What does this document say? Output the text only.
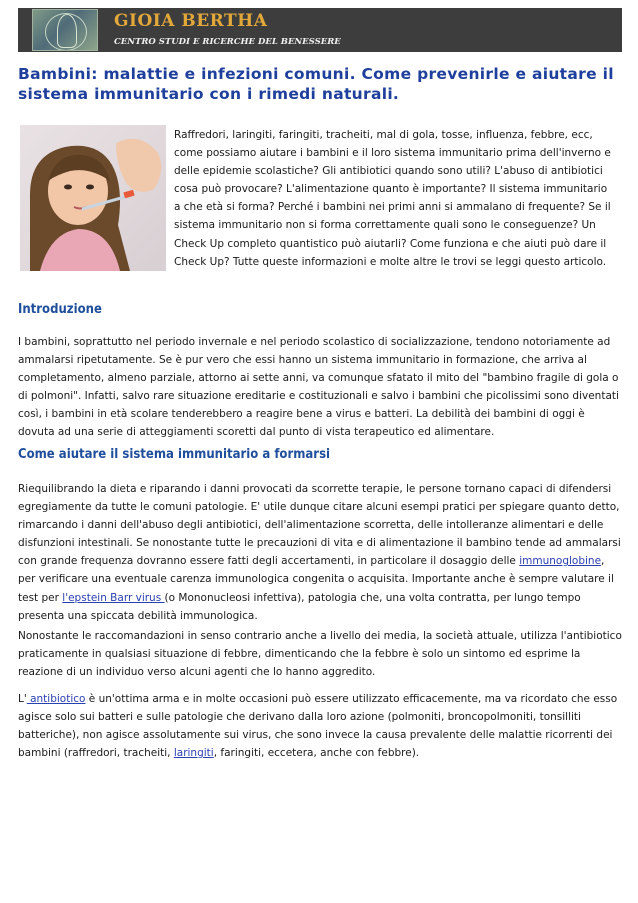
GIOIA BERTHA
CENTRO STUDI E RICERCHE DEL BENESSERE
Bambini: malattie e infezioni comuni. Come prevenirle e aiutare il sistema immunitario con i rimedi naturali.

Raffredori, laringiti, faringiti, tracheiti, mal di gola, tosse, influenza, febbre, ecc, come possiamo aiutare i bambini e il loro sistema immunitario prima dell'inverno e delle epidemie scolastiche? Gli antibiotici quando sono utili? L'abuso di antibiotici cosa può provocare? L'alimentazione quanto è importante? Il sistema immunitario a che età si forma? Perché i bambini nei primi anni si ammalano di frequente? Se il sistema immunitario non si forma correttamente quali sono le conseguenze? Un Check Up completo quantistico può aiutarli? Come funziona e che aiuti può dare il Check Up? Tutte queste informazioni e molte altre le trovi se leggi questo articolo.

Introduzione

I bambini, soprattutto nel periodo invernale e nel periodo scolastico di socializzazione, tendono notoriamente ad ammalarsi ripetutamente. Se è pur vero che essi hanno un sistema immunitario in formazione, che arriva al completamento, almeno parziale, attorno ai sette anni, va comunque sfatato il mito del "bambino fragile di gola o di polmoni". Infatti, salvo rare situazione ereditarie e costituzionali e salvo i bambini che picolissimi sono diventati così, i bambini in età scolare tenderebbero a reagire bene a virus e batteri. La debilità dei bambini di oggi è dovuta ad una serie di atteggiamenti scoretti dal punto di vista terapeutico ed alimentare.

Come aiutare il sistema immunitario a formarsi

Riequilibrando la dieta e riparando i danni provocati da scorrette terapie, le persone tornano capaci di difendersi egregiamente da tutte le comuni patologie. E' utile dunque citare alcuni esempi pratici per spiegare quanto detto, rimarcando i danni dell'abuso degli antibiotici, dell'alimentazione scorretta, delle intolleranze alimentari e delle disfunzioni intestinali. Se nonostante tutte le precauzioni di vita e di alimentazione il bambino tende ad ammalarsi con grande frequenza dovranno essere fatti degli accertamenti, in particolare il dosaggio delle immunoglobine, per verificare una eventuale carenza immunologica congenita o acquisita. Importante anche è sempre valutare il test per l'epstein Barr virus (o Mononucleosi infettiva), patologia che, una volta contratta, per lungo tempo presenta una spiccata debilità immunologica.

Nonostante le raccomandazioni in senso contrario anche a livello dei media, la società attuale, utilizza l'antibiotico praticamente in qualsiasi situazione di febbre, dimenticando che la febbre è solo un sintomo ed esprime la reazione di un individuo verso alcuni agenti che lo hanno aggredito.

L' antibiotico è un'ottima arma e in molte occasioni può essere utilizzato efficacemente, ma va ricordato che esso agisce solo sui batteri e sulle patologie che derivano dalla loro azione (polmoniti, broncopolmoniti, tonsilliti batteriche), non agisce assolutamente sui virus, che sono invece la causa prevalente delle malattie ricorrenti dei bambini (raffredori, tracheiti, laringiti, faringiti, eccetera, anche con febbre).
